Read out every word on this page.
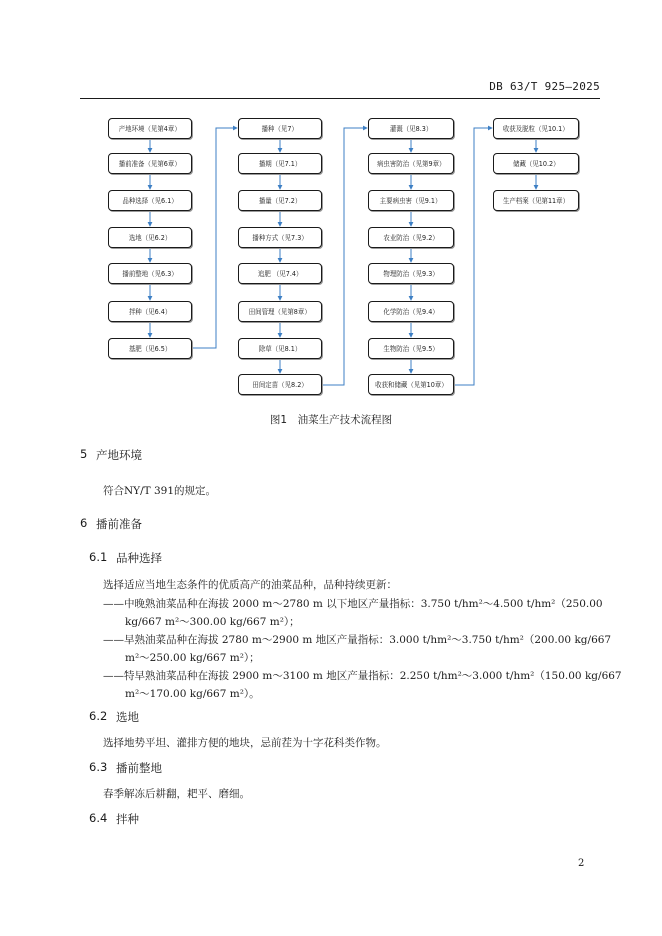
DB 63/T 925—2025
产地环境（见第4章）
播前准备（见第6章）
品种选择（见6.1）
选地（见6.2）
播前整地（见6.3）
拌种（见6.4）
基肥（见6.5）
播种（见7）
播期（见7.1）
播量（见7.2）
播种方式（见7.3）
追肥 （见7.4）
田间管理（见第8章）
除草（见8.1）
田间定苗（见8.2）
灌溉（见8.3）
病虫害防治（见第9章）
主要病虫害（见9.1）
农业防治（见9.2）
物理防治（见9.3）
化学防治（见9.4）
生物防治（见9.5）
收获和储藏（见第10章）
收获及脱粒（见10.1）
储藏（见10.2）
生产档案（见第11章）
图1　油菜生产技术流程图
5 产地环境
符合NY/T 391的规定。
6 播前准备
6.1 品种选择
选择适应当地生态条件的优质高产的油菜品种，品种持续更新：
——中晚熟油菜品种在海拔 2000 m～2780 m 以下地区产量指标：3.750 t/hm²～4.500 t/hm²（250.00
kg/667 m²～300.00 kg/667 m²）；
——早熟油菜品种在海拔 2780 m～2900 m 地区产量指标：3.000 t/hm²～3.750 t/hm²（200.00 kg/667
m²～250.00 kg/667 m²）；
——特早熟油菜品种在海拔 2900 m～3100 m 地区产量指标：2.250 t/hm²～3.000 t/hm²（150.00 kg/667
m²～170.00 kg/667 m²）。
6.2 选地
选择地势平坦、灌排方便的地块，忌前茬为十字花科类作物。
6.3 播前整地
春季解冻后耕翻，耙平、磨细。
6.4 拌种
2
